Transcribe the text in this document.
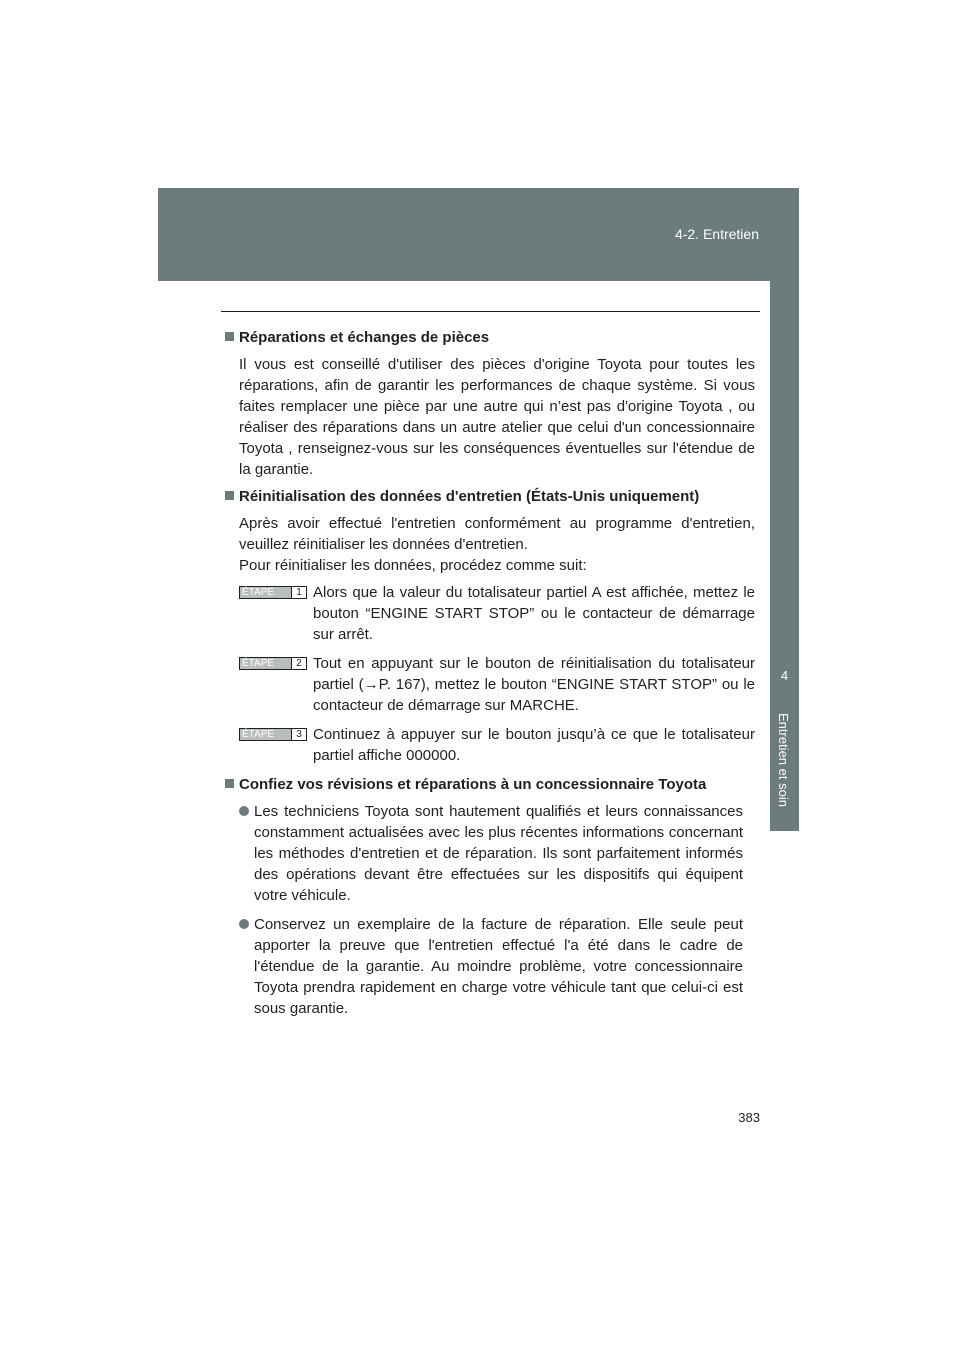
4-2. Entretien
4
Entretien et soin
Réparations et échanges de pièces
Il vous est conseillé d'utiliser des pièces d'origine Toyota pour toutes les réparations, afin de garantir les performances de chaque système. Si vous faites remplacer une pièce par une autre qui n’est pas d'origine Toyota , ou réaliser des réparations dans un autre atelier que celui d'un concessionnaire Toyota , renseignez-vous sur les conséquences éventuelles sur l'étendue de la garantie.
Réinitialisation des données d'entretien (États-Unis uniquement)
Après avoir effectué l'entretien conformément au programme d'entretien, veuillez réinitialiser les données d'entretien.
Pour réinitialiser les données, procédez comme suit:
ÉTAPE	1 Alors que la valeur du totalisateur partiel A est affichée, mettez le bouton “ENGINE START STOP” ou le contacteur de démarrage sur arrêt.
ÉTAPE	2 Tout en appuyant sur le bouton de réinitialisation du totalisateur partiel (→P. 167), mettez le bouton “ENGINE START STOP” ou le contacteur de démarrage sur MARCHE.
ÉTAPE	3 Continuez à appuyer sur le bouton jusqu’à ce que le totalisateur partiel affiche 000000.
Confiez vos révisions et réparations à un concessionnaire Toyota
Les techniciens Toyota sont hautement qualifiés et leurs connaissances constamment actualisées avec les plus récentes informations concernant les méthodes d'entretien et de réparation. Ils sont parfaitement informés des opérations devant être effectuées sur les dispositifs qui équipent votre véhicule.
Conservez un exemplaire de la facture de réparation. Elle seule peut apporter la preuve que l'entretien effectué l'a été dans le cadre de l'étendue de la garantie. Au moindre problème, votre concessionnaire Toyota prendra rapidement en charge votre véhicule tant que celui-ci est sous garantie.
383
